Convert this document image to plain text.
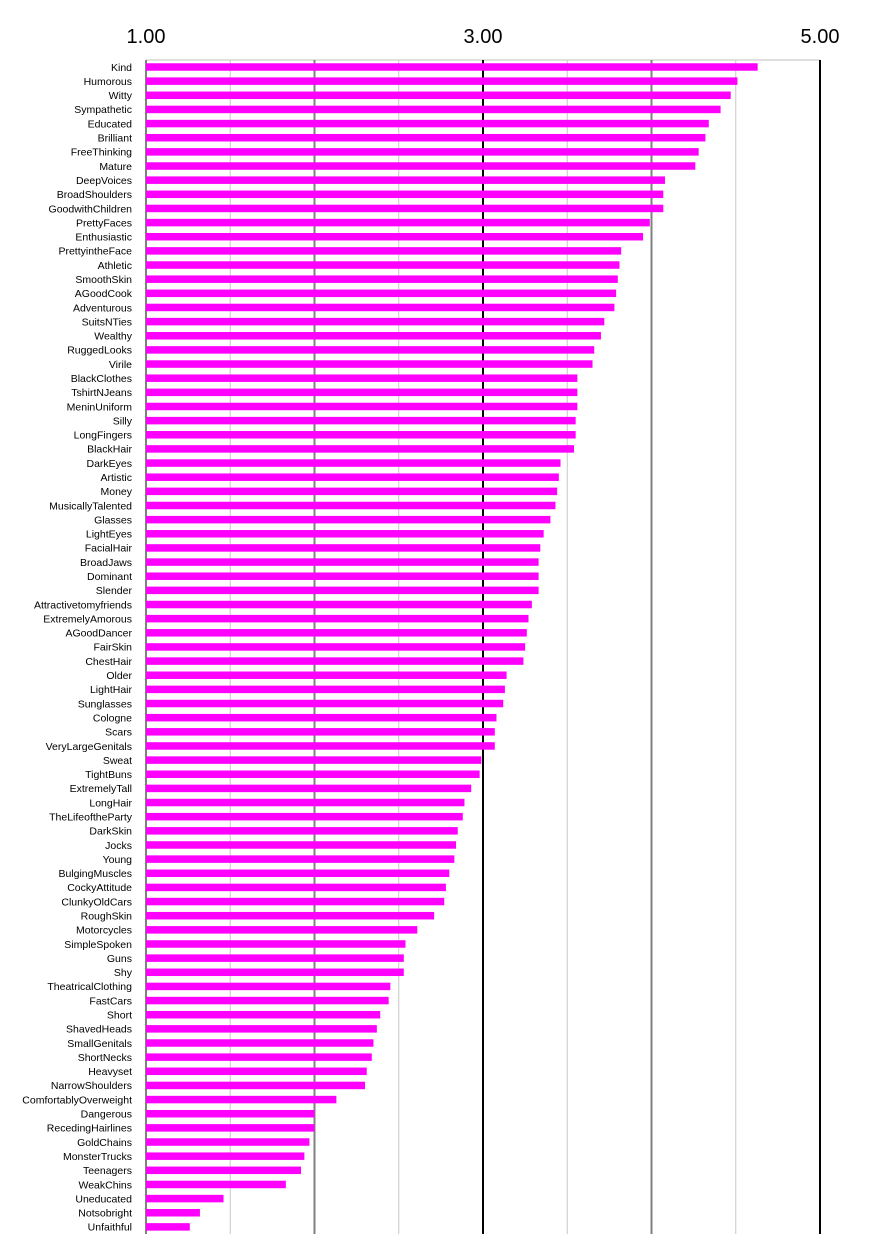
Kind
Humorous
Witty
Sympathetic
Educated
Brilliant
FreeThinking
Mature
DeepVoices
BroadShoulders
GoodwithChildren
PrettyFaces
Enthusiastic
PrettyintheFace
Athletic
SmoothSkin
AGoodCook
Adventurous
SuitsNTies
Wealthy
RuggedLooks
Virile
BlackClothes
TshirtNJeans
MeninUniform
Silly
LongFingers
BlackHair
DarkEyes
Artistic
Money
MusicallyTalented
Glasses
LightEyes
FacialHair
BroadJaws
Dominant
Slender
Attractivetomyfriends
ExtremelyAmorous
AGoodDancer
FairSkin
ChestHair
Older
LightHair
Sunglasses
Cologne
Scars
VeryLargeGenitals
Sweat
TightBuns
ExtremelyTall
LongHair
TheLifeoftheParty
DarkSkin
Jocks
Young
BulgingMuscles
CockyAttitude
ClunkyOldCars
RoughSkin
Motorcycles
SimpleSpoken
Guns
Shy
TheatricalClothing
FastCars
Short
ShavedHeads
SmallGenitals
ShortNecks
Heavyset
NarrowShoulders
ComfortablyOverweight
Dangerous
RecedingHairlines
GoldChains
MonsterTrucks
Teenagers
WeakChins
Uneducated
Notsobright
Unfaithful
1.00	3.00	5.00
